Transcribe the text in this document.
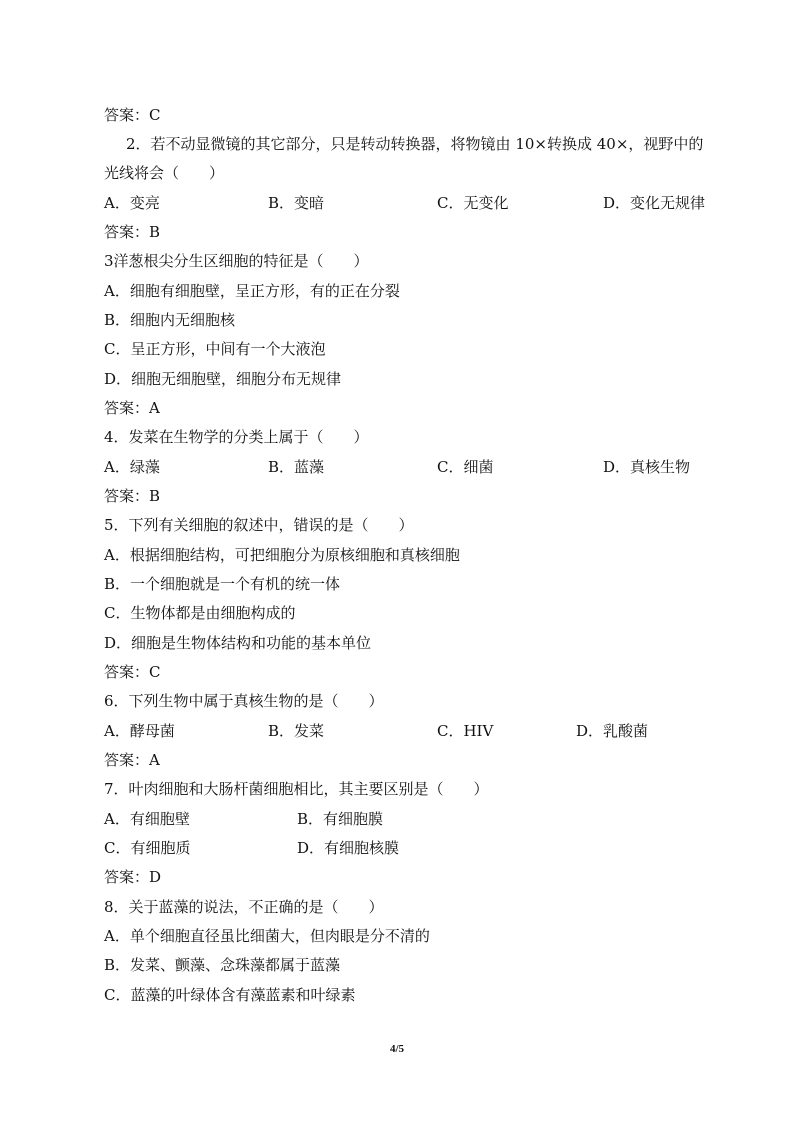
答案：C
2．若不动显微镜的其它部分，只是转动转换器，将物镜由 10×转换成 40×，视野中的
光线将会（　　）
A．变亮	B．变暗	C．无变化	D．变化无规律
答案：B
3洋葱根尖分生区细胞的特征是（　　）
A．细胞有细胞壁，呈正方形，有的正在分裂
B．细胞内无细胞核
C．呈正方形，中间有一个大液泡
D．细胞无细胞壁，细胞分布无规律
答案：A
4．发菜在生物学的分类上属于（　　）
A．绿藻	B．蓝藻	C．细菌	D．真核生物
答案：B
5．下列有关细胞的叙述中，错误的是（　　）
A．根据细胞结构，可把细胞分为原核细胞和真核细胞
B．一个细胞就是一个有机的统一体
C．生物体都是由细胞构成的
D．细胞是生物体结构和功能的基本单位
答案：C
6．下列生物中属于真核生物的是（　　）
A．酵母菌	B．发菜	C．HIV	D．乳酸菌
答案：A
7．叶肉细胞和大肠杆菌细胞相比，其主要区别是（　　）
A．有细胞壁	B．有细胞膜
C．有细胞质	D．有细胞核膜
答案：D
8．关于蓝藻的说法，不正确的是（　　）
A．单个细胞直径虽比细菌大，但肉眼是分不清的
B．发菜、颤藻、念珠藻都属于蓝藻
C．蓝藻的叶绿体含有藻蓝素和叶绿素
4/5
